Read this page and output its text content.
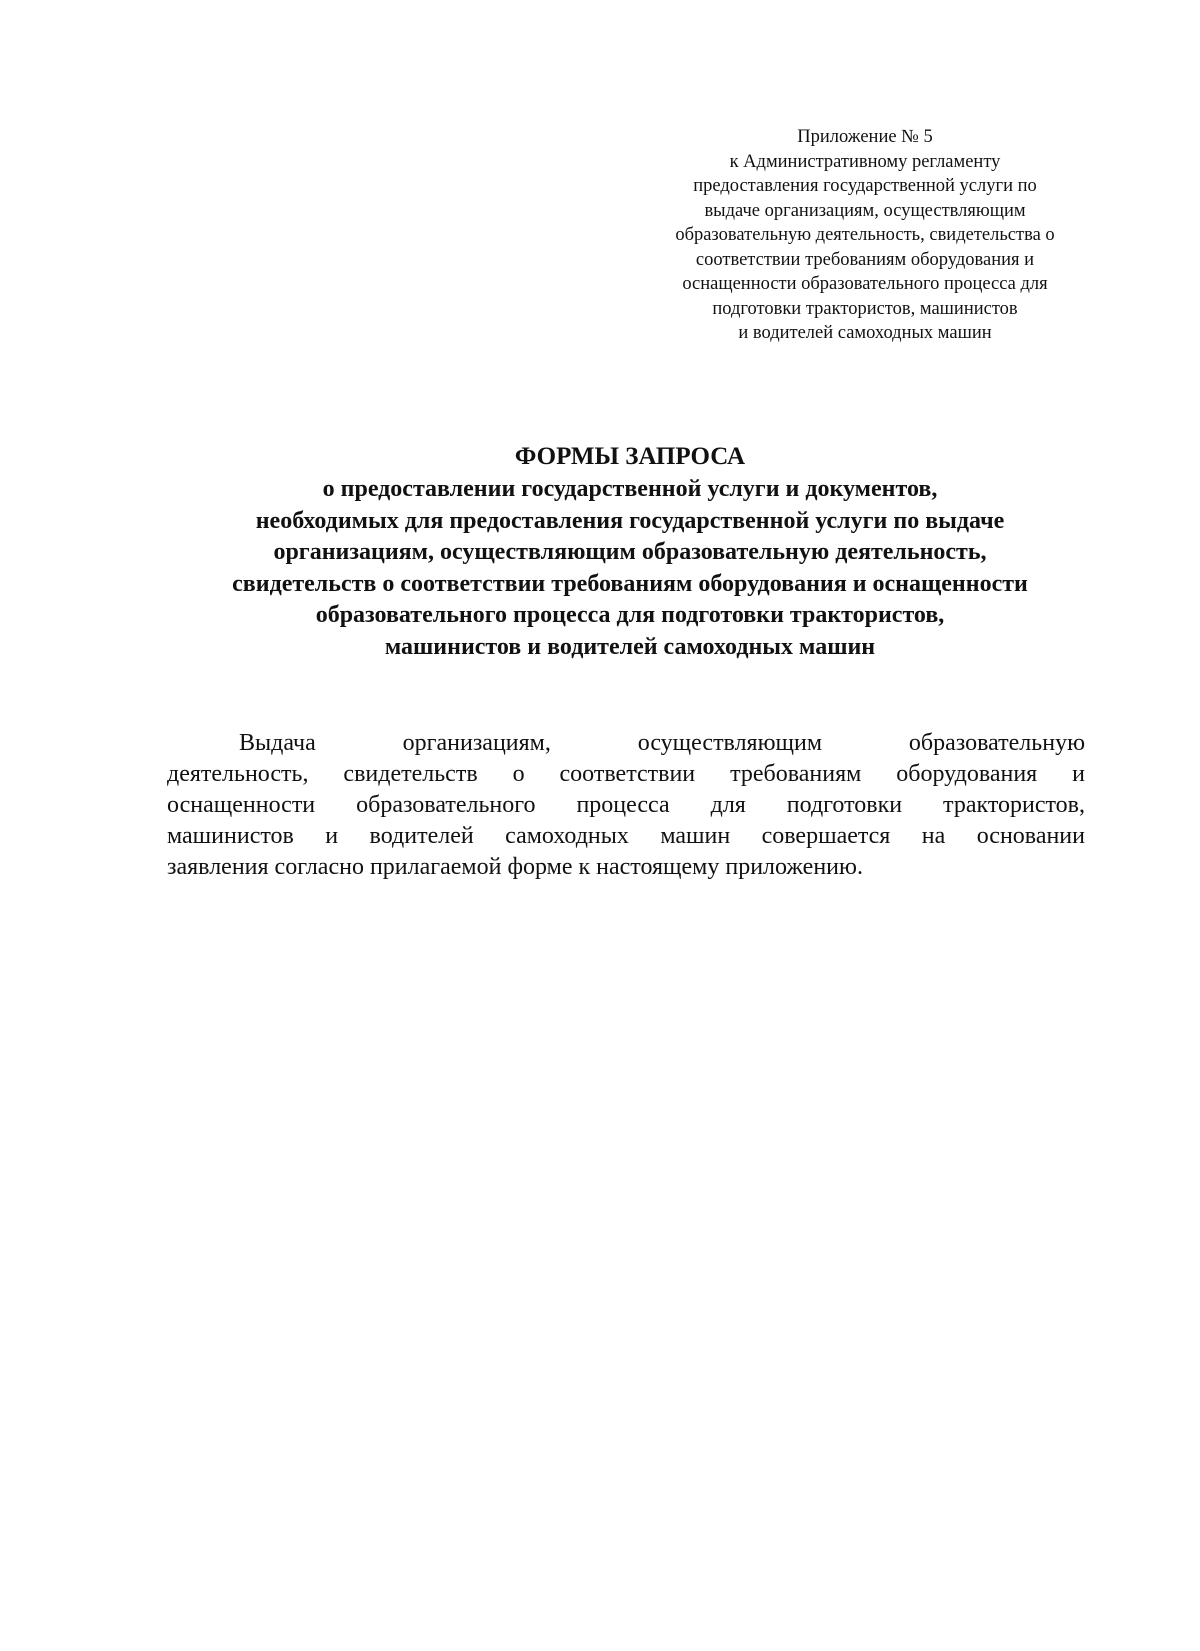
Приложение № 5
к Административному регламенту
предоставления государственной услуги по
выдаче организациям, осуществляющим
образовательную деятельность, свидетельства о
соответствии требованиям оборудования и
оснащенности образовательного процесса для
подготовки трактористов, машинистов
и водителей самоходных машин
ФОРМЫ ЗАПРОСА
о предоставлении государственной услуги и документов,
необходимых для предоставления государственной услуги по выдаче
организациям, осуществляющим образовательную деятельность,
свидетельств о соответствии требованиям оборудования и оснащенности
образовательного процесса для подготовки трактористов,
машинистов и водителей самоходных машин
Выдача организациям, осуществляющим образовательную
деятельность, свидетельств о соответствии требованиям оборудования и
оснащенности образовательного процесса для подготовки трактористов,
машинистов и водителей самоходных машин совершается на основании
заявления согласно прилагаемой форме к настоящему приложению.
